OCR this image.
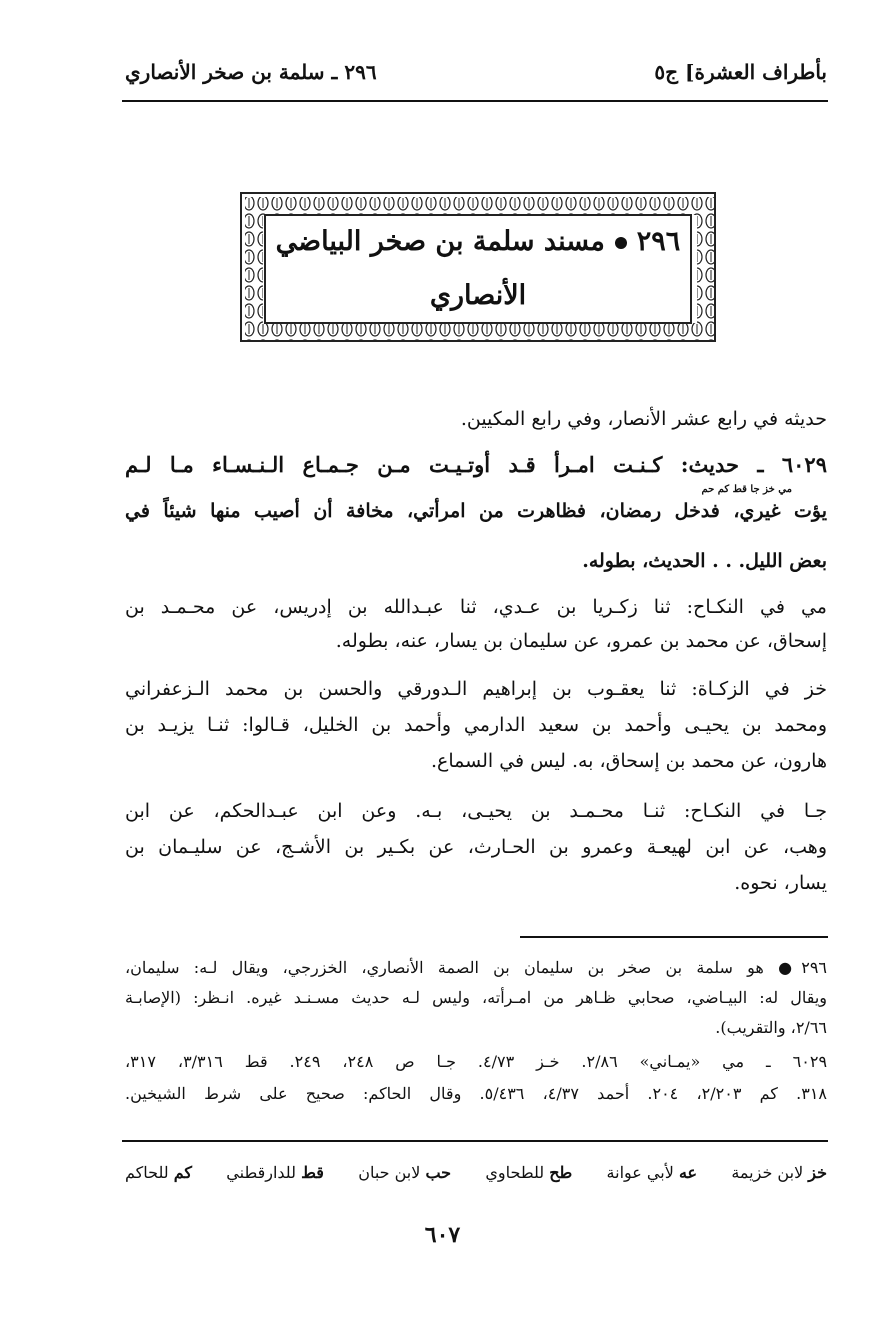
بأطراف العشرة] ج٥
٢٩٦ ـ سلمة بن صخر الأنصاري
٢٩٦مسند سلمة بن صخر البياضي
الأنصاري
حديثه في رابع عشر الأنصار، وفي رابع المكيين.
٦٠٢٩ ـ حديث: كـنـت امـرأ قـد أوتـيـت مـن جـمـاع الـنـسـاء مـا لـم
مي خز جا قط كم حم
يؤت غيري، فدخل رمضان، فظاهرت من امرأتي، مخافة أن أصيب منها شيئاً في
بعض الليل. . . الحديث، بطوله.
مي في النكـاح: ثنا زكـريا بن عـدي، ثنا عبـدالله بن إدريس، عن محـمـد بن
إسحاق، عن محمد بن عمرو، عن سليمان بن يسار، عنه، بطوله.
خز في الزكـاة: ثنا يعقـوب بن إبراهيم الـدورقي والحسن بن محمد الـزعفراني
ومحمد بن يحيـى وأحمد بن سعيد الدارمي وأحمد بن الخليل، قـالوا: ثنـا يزيـد بن
هارون، عن محمد بن إسحاق، به. ليس في السماع.
جـا في النكـاح: ثنـا محـمـد بن يحيـى، بـه. وعن ابن عبـدالحكم، عن ابن
وهب، عن ابن لهيعـة وعمرو بن الحـارث، عن بكـير بن الأشـج، عن سليـمان بن
يسار، نحوه.
٢٩٦● هو سلمة بن صخر بن سليمان بن الصمة الأنصاري، الخزرجي، ويقال لـه: سليمان،
ويقال له: البيـاضي، صحابي ظـاهر من امـرأته، وليس لـه حديث مسـنـد غيره. انـظر: (الإصابـة
٢/٦٦، والتقريب).
٦٠٢٩ ـ مي «يمـاني» ٢/٨٦. خـز ٤/٧٣. جـا ص ٢٤٨، ٢٤٩. قط ٣/٣١٦، ٣١٧،
٣١٨. كم ٢/٢٠٣، ٢٠٤. أحمد ٤/٣٧، ٥/٤٣٦. وقال الحاكم: صحيح على شرط الشيخين.
خز لابن خزيمة
عه لأبي عوانة
طح للطحاوي
حب لابن حبان
قط للدارقطني
كم للحاكم
٦٠٧
